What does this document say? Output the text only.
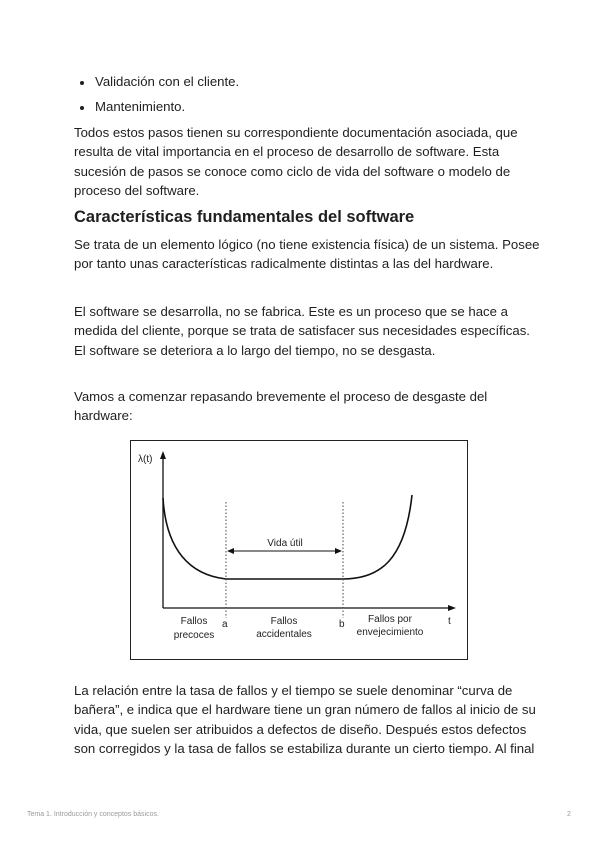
Validación con el cliente.
Mantenimiento.
Todos estos pasos tienen su correspondiente documentación asociada, que
resulta de vital importancia en el proceso de desarrollo de software. Esta
sucesión de pasos se conoce como ciclo de vida del software o modelo de
proceso del software.
Características fundamentales del software
Se trata de un elemento lógico (no tiene existencia física) de un sistema. Posee
por tanto unas características radicalmente distintas a las del hardware.
El software se desarrolla, no se fabrica. Este es un proceso que se hace a
medida del cliente, porque se trata de satisfacer sus necesidades específicas.
El software se deteriora a lo largo del tiempo, no se desgasta.
Vamos a comenzar repasando brevemente el proceso de desgaste del
hardware:
λ(t)
t
a	b
Vida útil
Fallos
precoces
Fallos
accidentales
Fallos por
envejecimiento
La relación entre la tasa de fallos y el tiempo se suele denominar “curva de
bañera”, e indica que el hardware tiene un gran número de fallos al inicio de su
vida, que suelen ser atribuidos a defectos de diseño. Después estos defectos
son corregidos y la tasa de fallos se estabiliza durante un cierto tiempo. Al final
Tema 1. Introducción y conceptos básicos.	2
